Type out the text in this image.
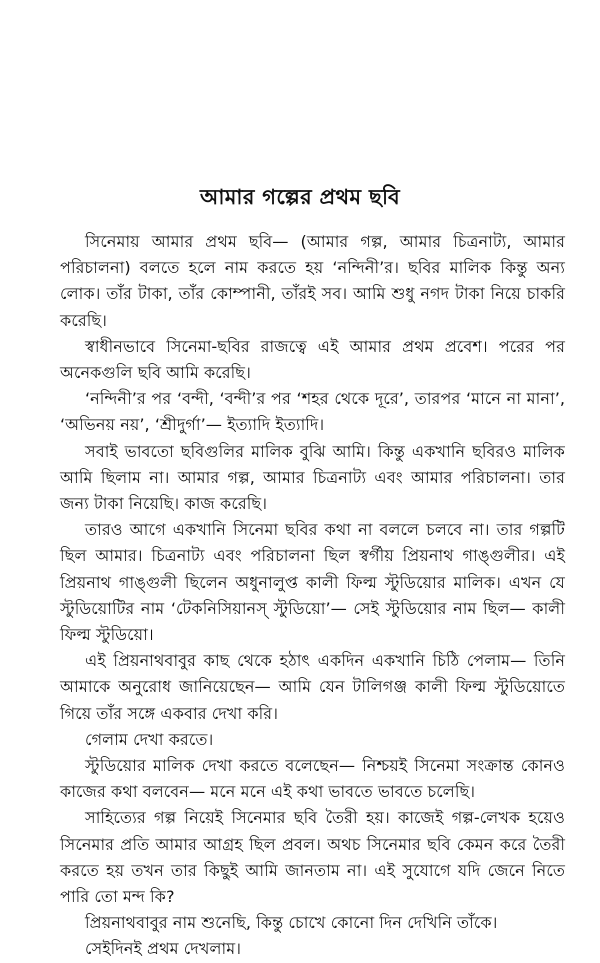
আমার গল্পের প্রথম ছবি

সিনেমায় আমার প্রথম ছবি— (আমার গল্প, আমার চিত্রনাট্য, আমার পরিচালনা) বলতে হলে নাম করতে হয় ‘নন্দিনী’র। ছবির মালিক কিন্তু অন্য লোক। তাঁর টাকা, তাঁর কোম্পানী, তাঁরই সব। আমি শুধু নগদ টাকা নিয়ে চাকরি করেছি।

স্বাধীনভাবে সিনেমা-ছবির রাজত্বে এই আমার প্রথম প্রবেশ। পরের পর অনেকগুলি ছবি আমি করেছি।

‘নন্দিনী’র পর ‘বন্দী, ‘বন্দী’র পর ‘শহর থেকে দূরে’, তারপর ‘মানে না মানা’, ‘অভিনয় নয়’, ‘শ্রীদুর্গা’— ইত্যাদি ইত্যাদি।

সবাই ভাবতো ছবিগুলির মালিক বুঝি আমি। কিন্তু একখানি ছবিরও মালিক আমি ছিলাম না। আমার গল্প, আমার চিত্রনাট্য এবং আমার পরিচালনা। তার জন্য টাকা নিয়েছি। কাজ করেছি।

তারও আগে একখানি সিনেমা ছবির কথা না বললে চলবে না। তার গল্পটি ছিল আমার। চিত্রনাট্য এবং পরিচালনা ছিল স্বর্গীয় প্রিয়নাথ গাঙ্গুলীর। এই প্রিয়নাথ গাঙ্গুলী ছিলেন অধুনালুপ্ত কালী ফিল্ম স্টুডিয়োর মালিক। এখন যে স্টুডিয়োটির নাম ‘টেকনিসিয়ানস্ স্টুডিয়ো’— সেই স্টুডিয়োর নাম ছিল— কালী ফিল্ম স্টুডিয়ো।

এই প্রিয়নাথবাবুর কাছ থেকে হঠাৎ একদিন একখানি চিঠি পেলাম— তিনি আমাকে অনুরোধ জানিয়েছেন— আমি যেন টালিগঞ্জ কালী ফিল্ম স্টুডিয়োতে গিয়ে তাঁর সঙ্গে একবার দেখা করি।

গেলাম দেখা করতে।

স্টুডিয়োর মালিক দেখা করতে বলেছেন— নিশ্চয়ই সিনেমা সংক্রান্ত কোনও কাজের কথা বলবেন— মনে মনে এই কথা ভাবতে ভাবতে চলেছি।

সাহিত্যের গল্প নিয়েই সিনেমার ছবি তৈরী হয়। কাজেই গল্প-লেখক হয়েও সিনেমার প্রতি আমার আগ্রহ ছিল প্রবল। অথচ সিনেমার ছবি কেমন করে তৈরী করতে হয় তখন তার কিছুই আমি জানতাম না। এই সুযোগে যদি জেনে নিতে পারি তো মন্দ কি?

প্রিয়নাথবাবুর নাম শুনেছি, কিন্তু চোখে কোনো দিন দেখিনি তাঁকে।

সেইদিনই প্রথম দেখলাম।
